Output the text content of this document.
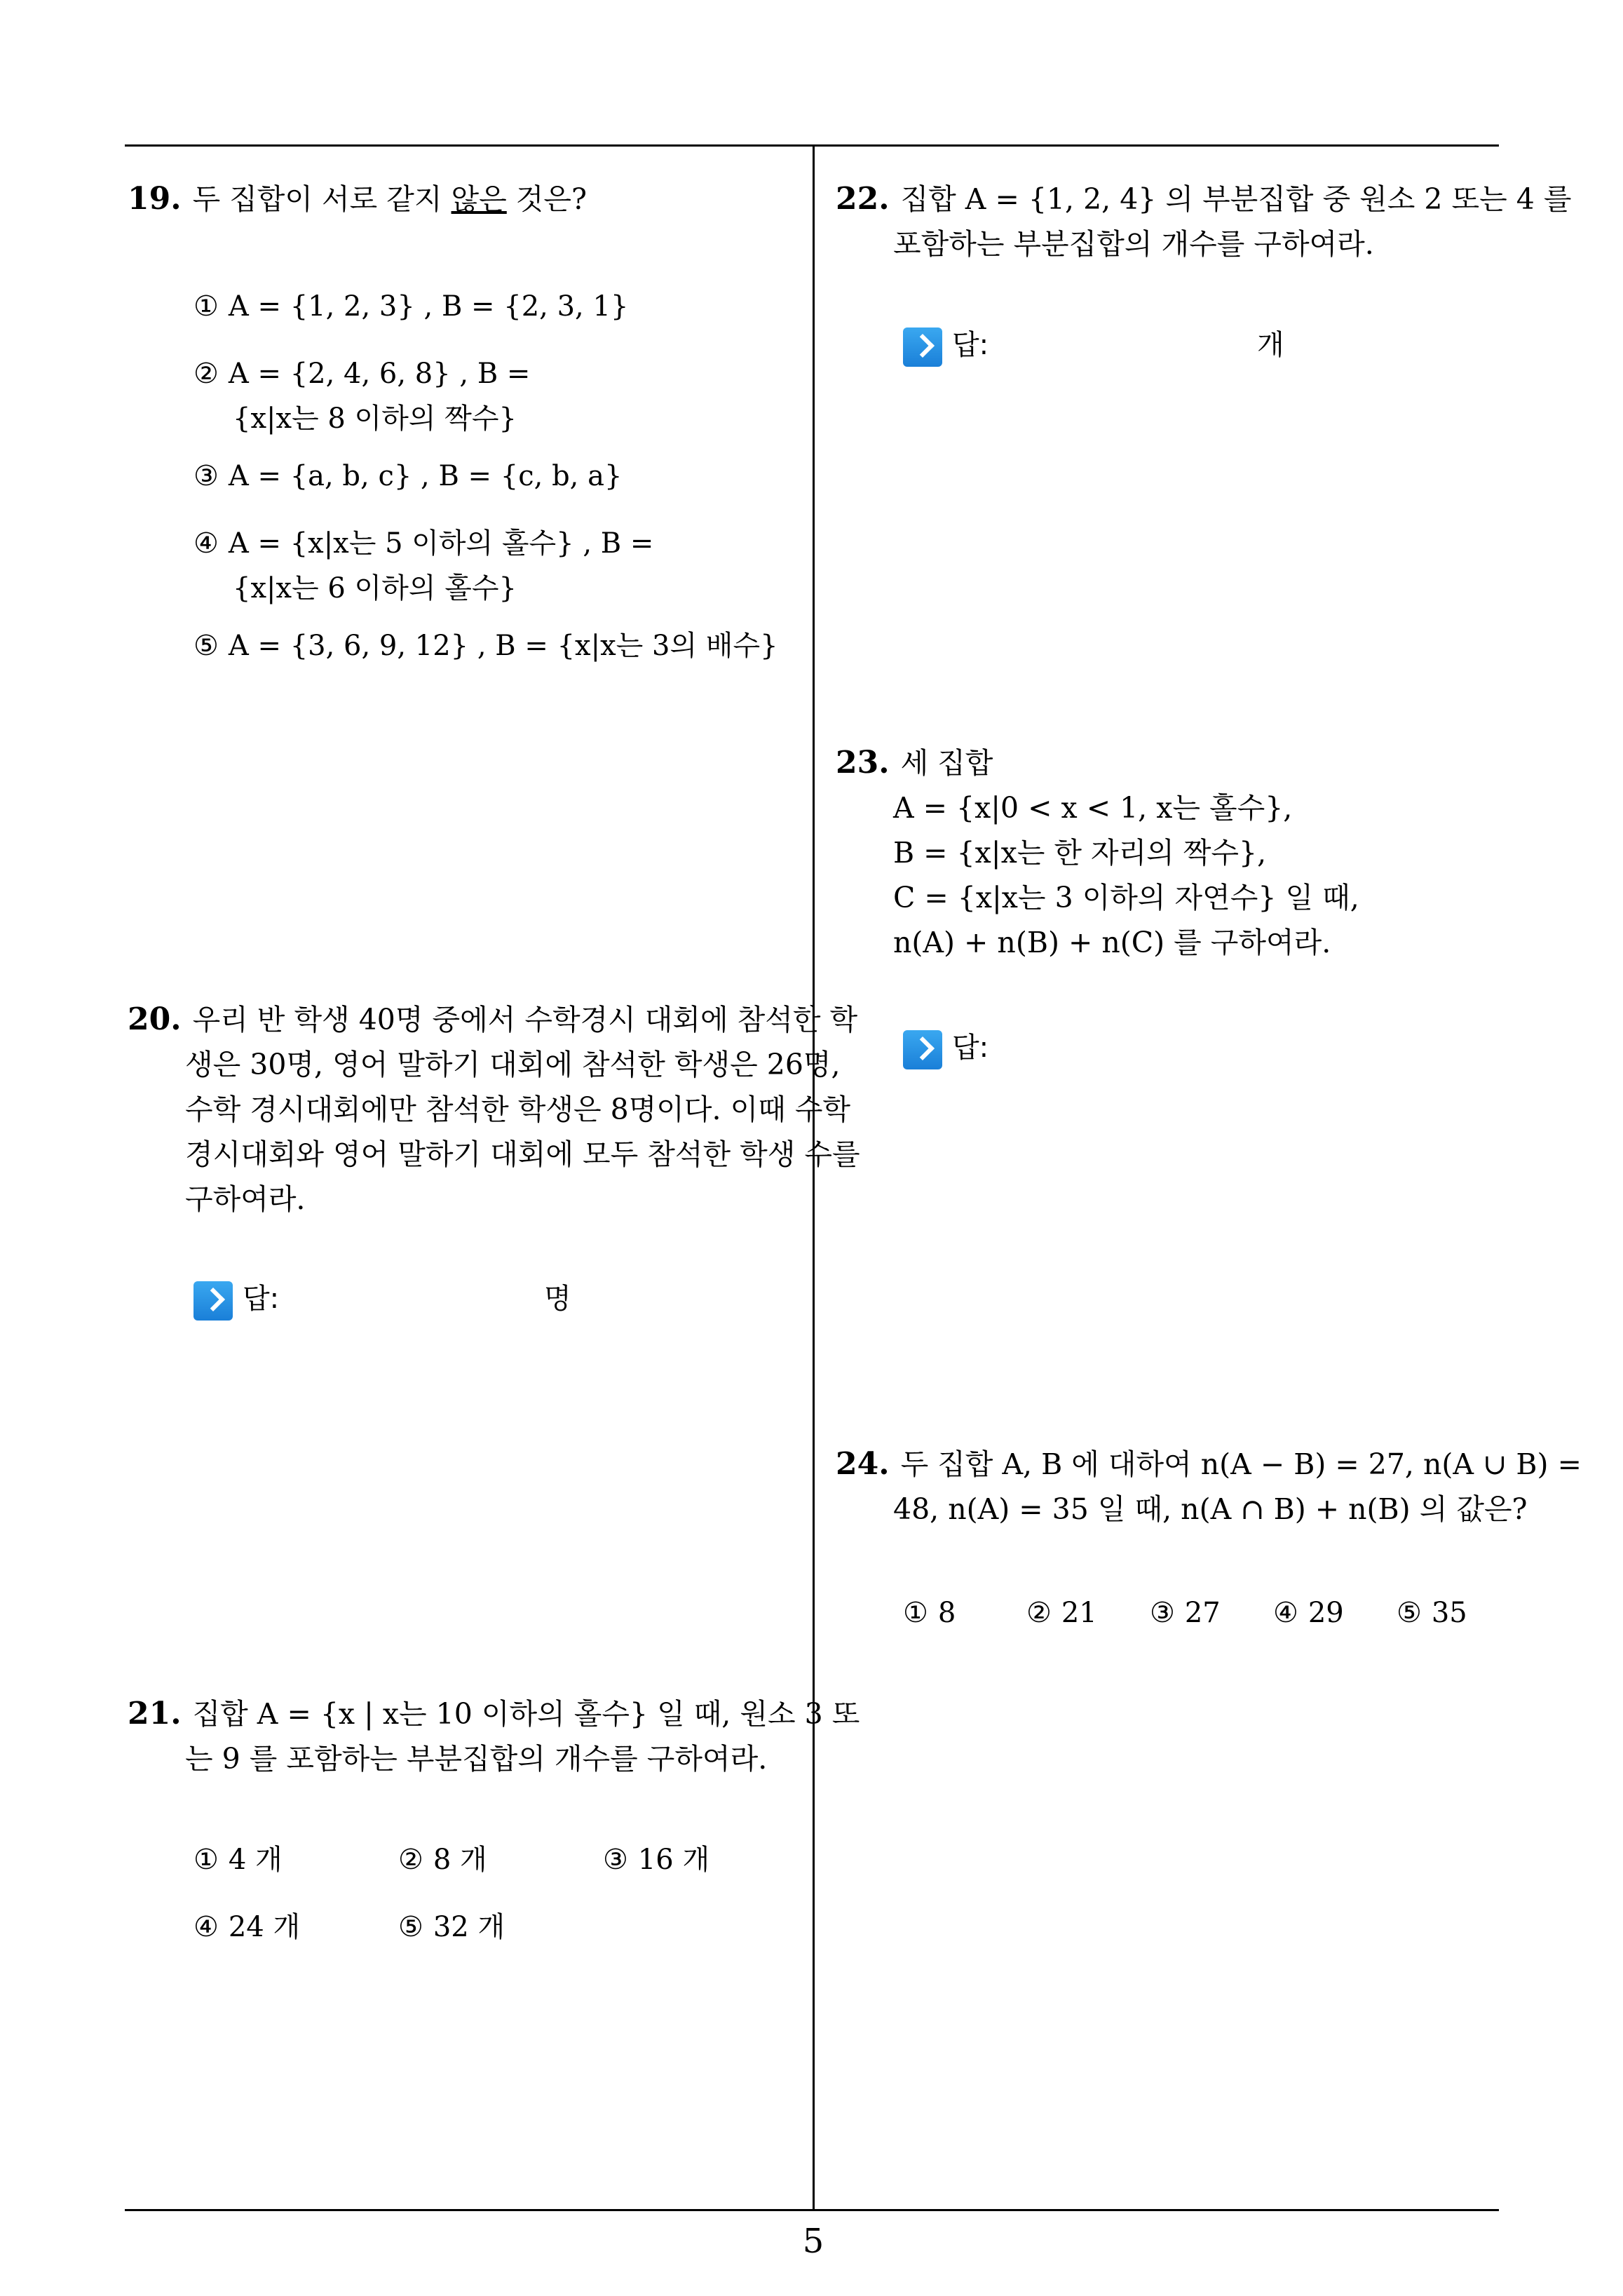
19. 두 집합이 서로 같지 않은 것은?
① A = {1, 2, 3} , B = {2, 3, 1}
② A = {2, 4, 6, 8} , B =
{x|x는 8 이하의 짝수}
③ A = {a, b, c} , B = {c, b, a}
④ A = {x|x는 5 이하의 홀수} , B =
{x|x는 6 이하의 홀수}
⑤ A = {3, 6, 9, 12} , B = {x|x는 3의 배수}
20. 우리 반 학생 40명 중에서 수학경시 대회에 참석한 학
생은 30명, 영어 말하기 대회에 참석한 학생은 26명,
수학 경시대회에만 참석한 학생은 8명이다. 이때 수학
경시대회와 영어 말하기 대회에 모두 참석한 학생 수를
구하여라.
답:	명
21. 집합 A = {x | x는 10 이하의 홀수} 일 때, 원소 3 또
는 9 를 포함하는 부분집합의 개수를 구하여라.
① 4 개	② 8 개	③ 16 개
④ 24 개	⑤ 32 개
22. 집합 A = {1, 2, 4} 의 부분집합 중 원소 2 또는 4 를
포함하는 부분집합의 개수를 구하여라.
답:	개
23. 세 집합
A = {x|0 < x < 1, x는 홀수},
B = {x|x는 한 자리의 짝수},
C = {x|x는 3 이하의 자연수} 일 때,
n(A) + n(B) + n(C) 를 구하여라.
답:
24. 두 집합 A, B 에 대하여 n(A − B) = 27, n(A ∪ B) =
48, n(A) = 35 일 때, n(A ∩ B) + n(B) 의 값은?
① 8	② 21 ③ 27 ④ 29 ⑤ 35
5
